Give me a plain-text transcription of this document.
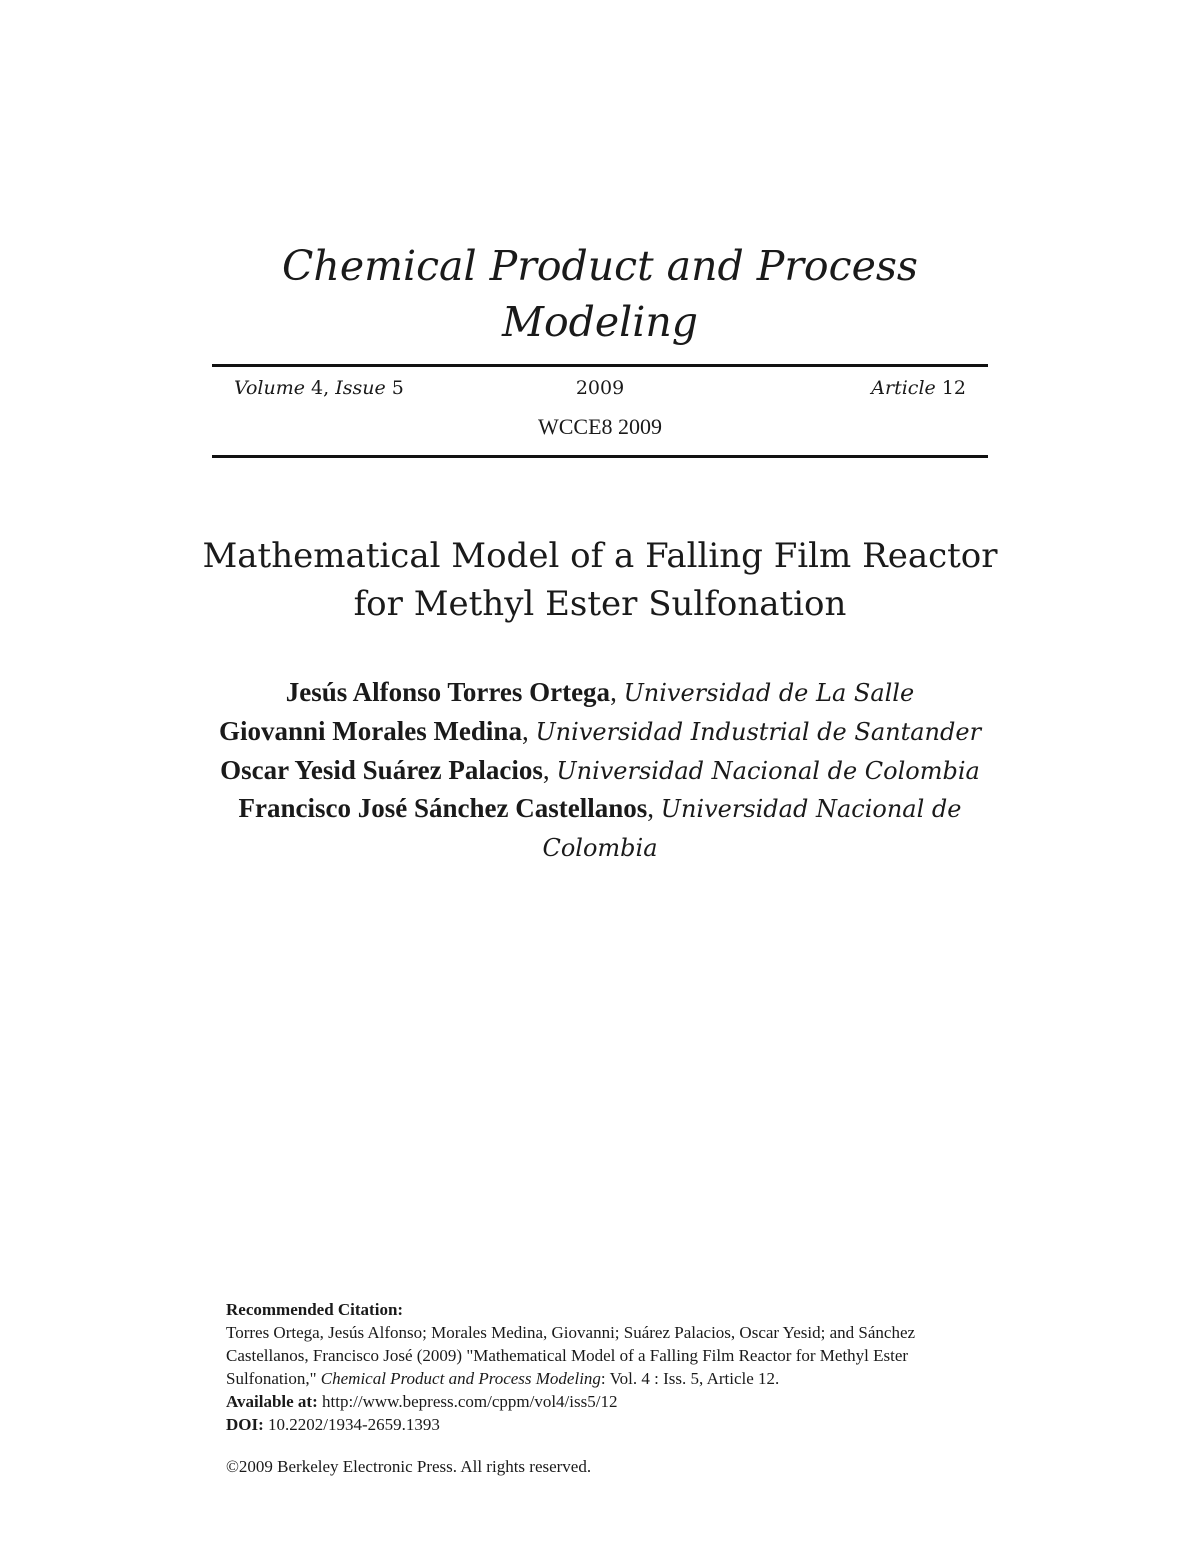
Chemical Product and Process
Modeling
Volume 4, Issue 5	2009	Article 12
WCCE8 2009
Mathematical Model of a Falling Film Reactor
for Methyl Ester Sulfonation
Jesús Alfonso Torres Ortega, Universidad de La Salle
Giovanni Morales Medina, Universidad Industrial de Santander
Oscar Yesid Suárez Palacios, Universidad Nacional de Colombia
Francisco José Sánchez Castellanos, Universidad Nacional de Colombia
Recommended Citation:

Torres Ortega, Jesús Alfonso; Morales Medina, Giovanni; Suárez Palacios, Oscar Yesid; and Sánchez Castellanos, Francisco José (2009) "Mathematical Model of a Falling Film Reactor for Methyl Ester Sulfonation," Chemical Product and Process Modeling: Vol. 4 : Iss. 5, Article 12.

Available at: http://www.bepress.com/cppm/vol4/iss5/12
DOI: 10.2202/1934-2659.1393
©2009 Berkeley Electronic Press. All rights reserved.
